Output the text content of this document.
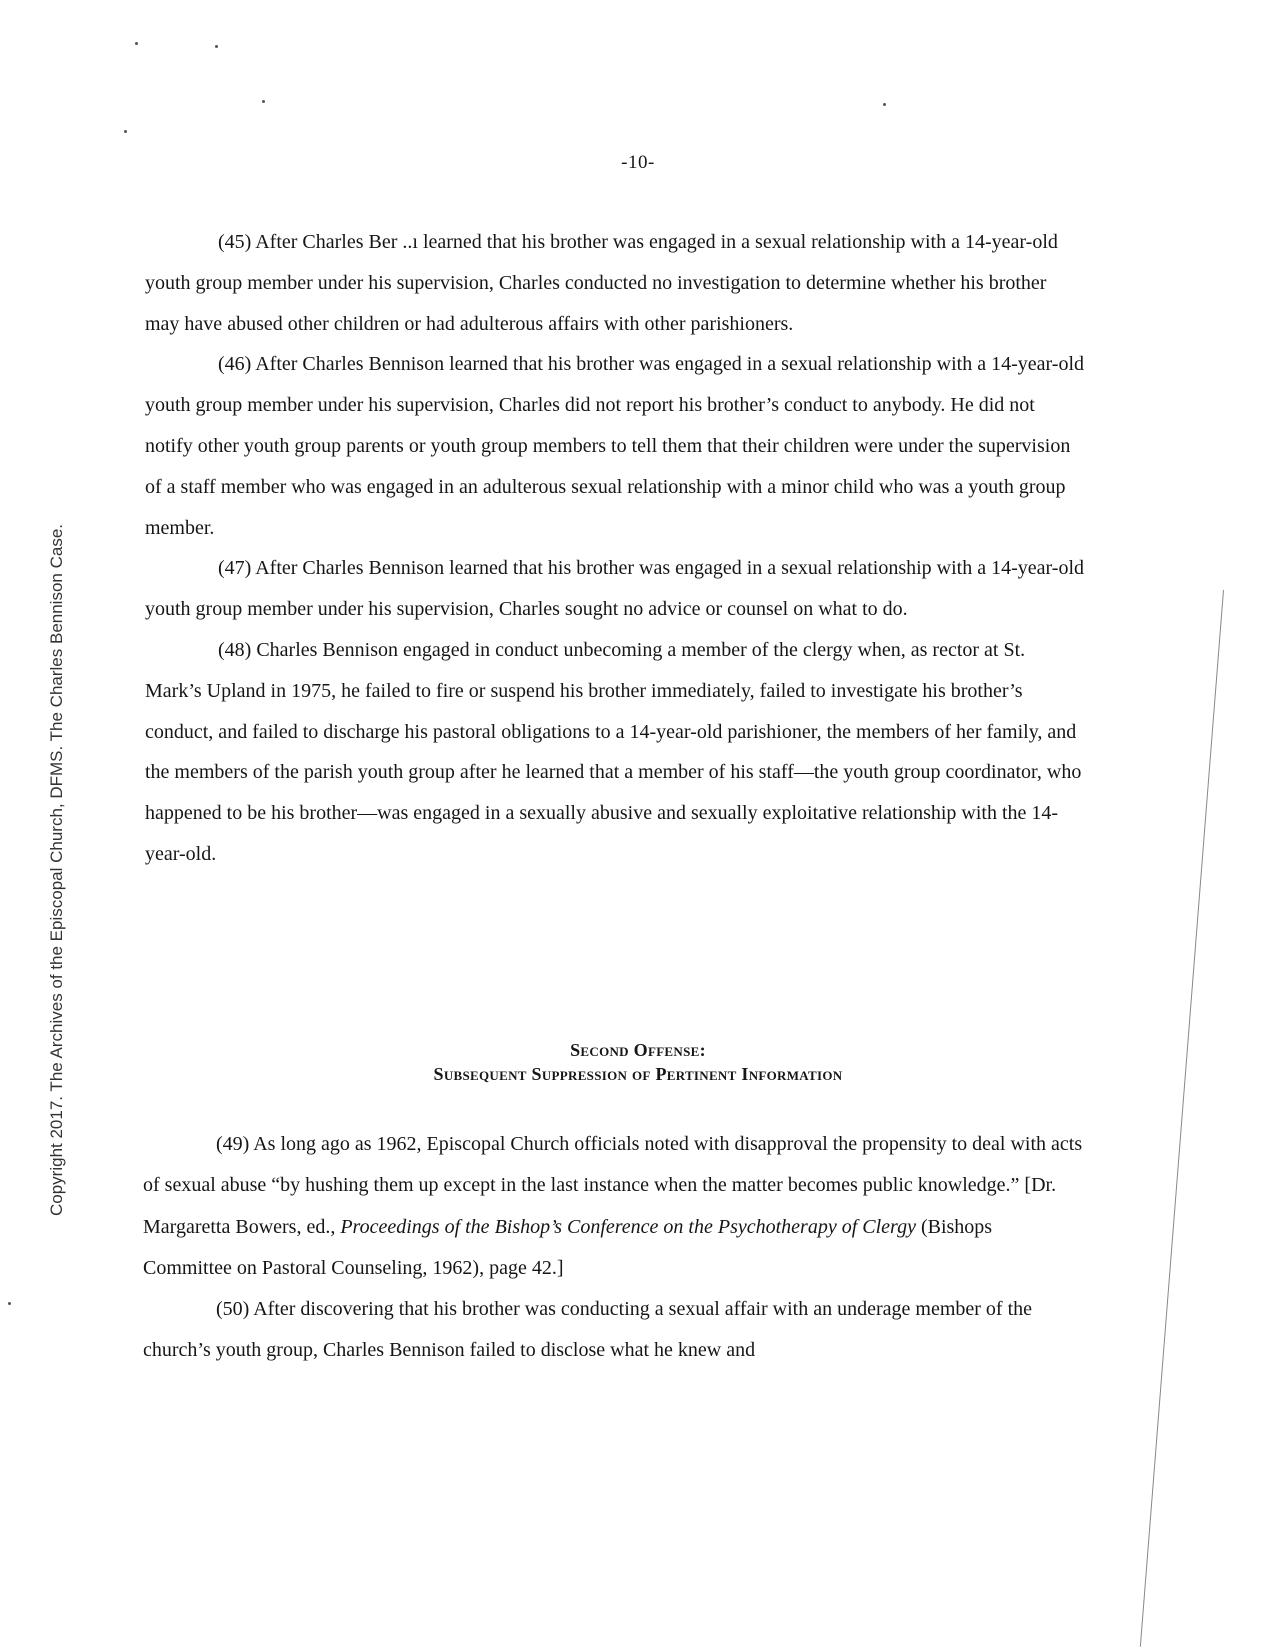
-10-
Copyright 2017. The Archives of the Episcopal Church, DFMS. The Charles Bennison Case.

(45) After Charles Ber ..ı learned that his brother was engaged in a sexual relationship with a 14-year-old youth group member under his supervision, Charles conducted no investigation to determine whether his brother may have abused other children or had adulterous affairs with other parishioners.

(46) After Charles Bennison learned that his brother was engaged in a sexual relationship with a 14-year-old youth group member under his supervision, Charles did not report his brother’s conduct to anybody. He did not notify other youth group parents or youth group members to tell them that their children were under the supervision of a staff member who was engaged in an adulterous sexual relationship with a minor child who was a youth group member.

(47) After Charles Bennison learned that his brother was engaged in a sexual relationship with a 14-year-old youth group member under his supervision, Charles sought no advice or counsel on what to do.

(48) Charles Bennison engaged in conduct unbecoming a member of the clergy when, as rector at St. Mark’s Upland in 1975, he failed to fire or suspend his brother immediately, failed to investigate his brother’s conduct, and failed to discharge his pastoral obligations to a 14-year-old parishioner, the members of her family, and the members of the parish youth group after he learned that a member of his staff—the youth group coordinator, who happened to be his brother—was engaged in a sexually abusive and sexually exploitative relationship with the 14-year-old.

Second Offense:
Subsequent Suppression of Pertinent Information

(49) As long ago as 1962, Episcopal Church officials noted with disapproval the propensity to deal with acts of sexual abuse “by hushing them up except in the last instance when the matter becomes public knowledge.” [Dr. Margaretta Bowers, ed., Proceedings of the Bishop’s Conference on the Psychotherapy of Clergy (Bishops Committee on Pastoral Counseling, 1962), page 42.]

(50) After discovering that his brother was conducting a sexual affair with an underage member of the church’s youth group, Charles Bennison failed to disclose what he knew and
